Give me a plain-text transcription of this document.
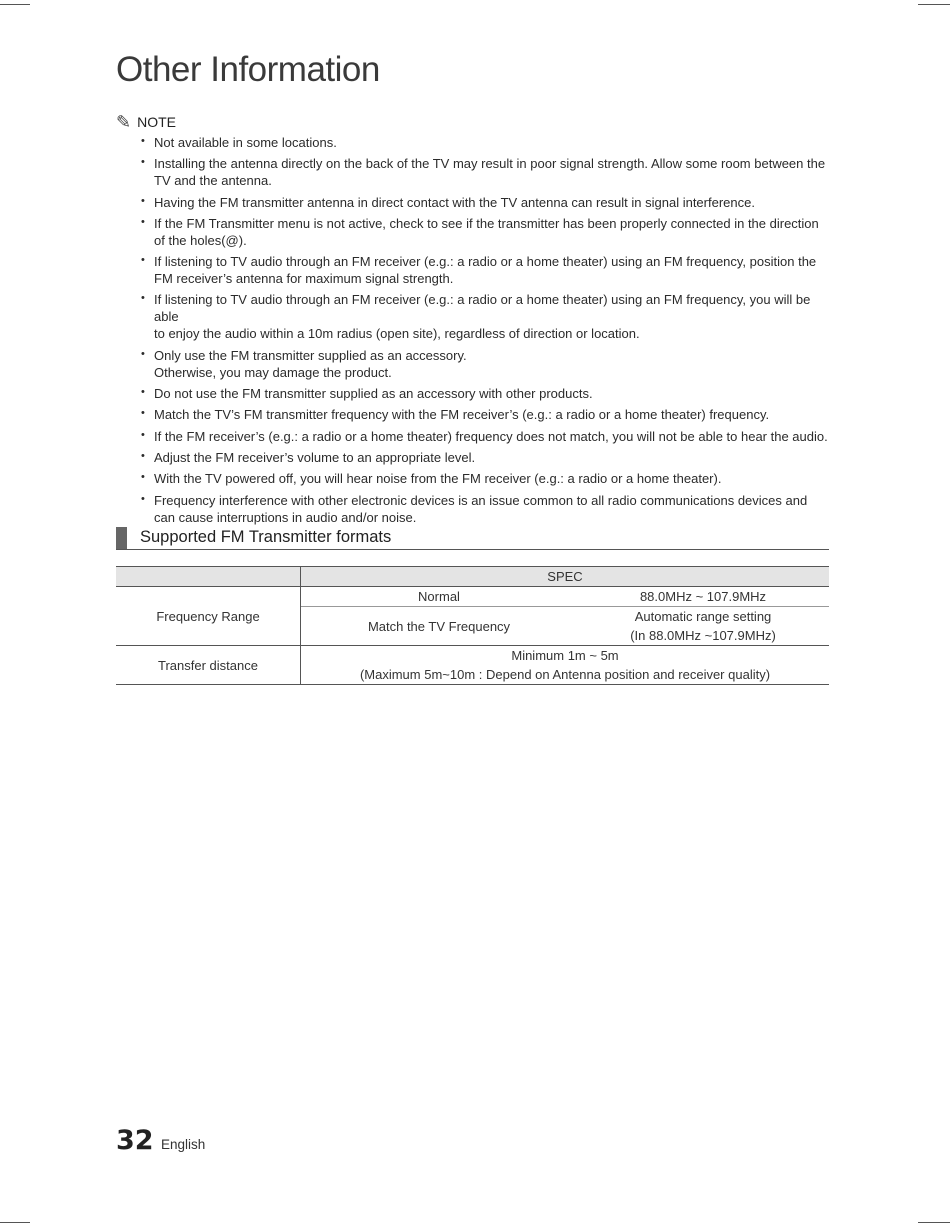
Other Information
✎ NOTE
• Not available in some locations.
• Installing the antenna directly on the back of the TV may result in poor signal strength. Allow some room between the
TV and the antenna.
• Having the FM transmitter antenna in direct contact with the TV antenna can result in signal interference.
• If the FM Transmitter menu is not active, check to see if the transmitter has been properly connected in the direction
of the holes(@).
• If listening to TV audio through an FM receiver (e.g.: a radio or a home theater) using an FM frequency, position the
FM receiver’s antenna for maximum signal strength.
• If listening to TV audio through an FM receiver (e.g.: a radio or a home theater) using an FM frequency, you will be able
to enjoy the audio within a 10m radius (open site), regardless of direction or location.
• Only use the FM transmitter supplied as an accessory.
Otherwise, you may damage the product.
• Do not use the FM transmitter supplied as an accessory with other products.
• Match the TV’s FM transmitter frequency with the FM receiver’s (e.g.: a radio or a home theater) frequency.
• If the FM receiver’s (e.g.: a radio or a home theater) frequency does not match, you will not be able to hear the audio.
• Adjust the FM receiver’s volume to an appropriate level.
• With the TV powered off, you will hear noise from the FM receiver (e.g.: a radio or a home theater).
• Frequency interference with other electronic devices is an issue common to all radio communications devices and
can cause interruptions in audio and/or noise.
Supported FM Transmitter formats
	SPEC	
Frequency Range	Normal	88.0MHz ~ 107.9MHz
	Match the TV Frequency	Automatic range setting
(In 88.0MHz ~107.9MHz)

Transfer distance	Minimum 1m ~ 5m
(Maximum 5m~10m : Depend on Antenna position and receiver quality)	
32 English
